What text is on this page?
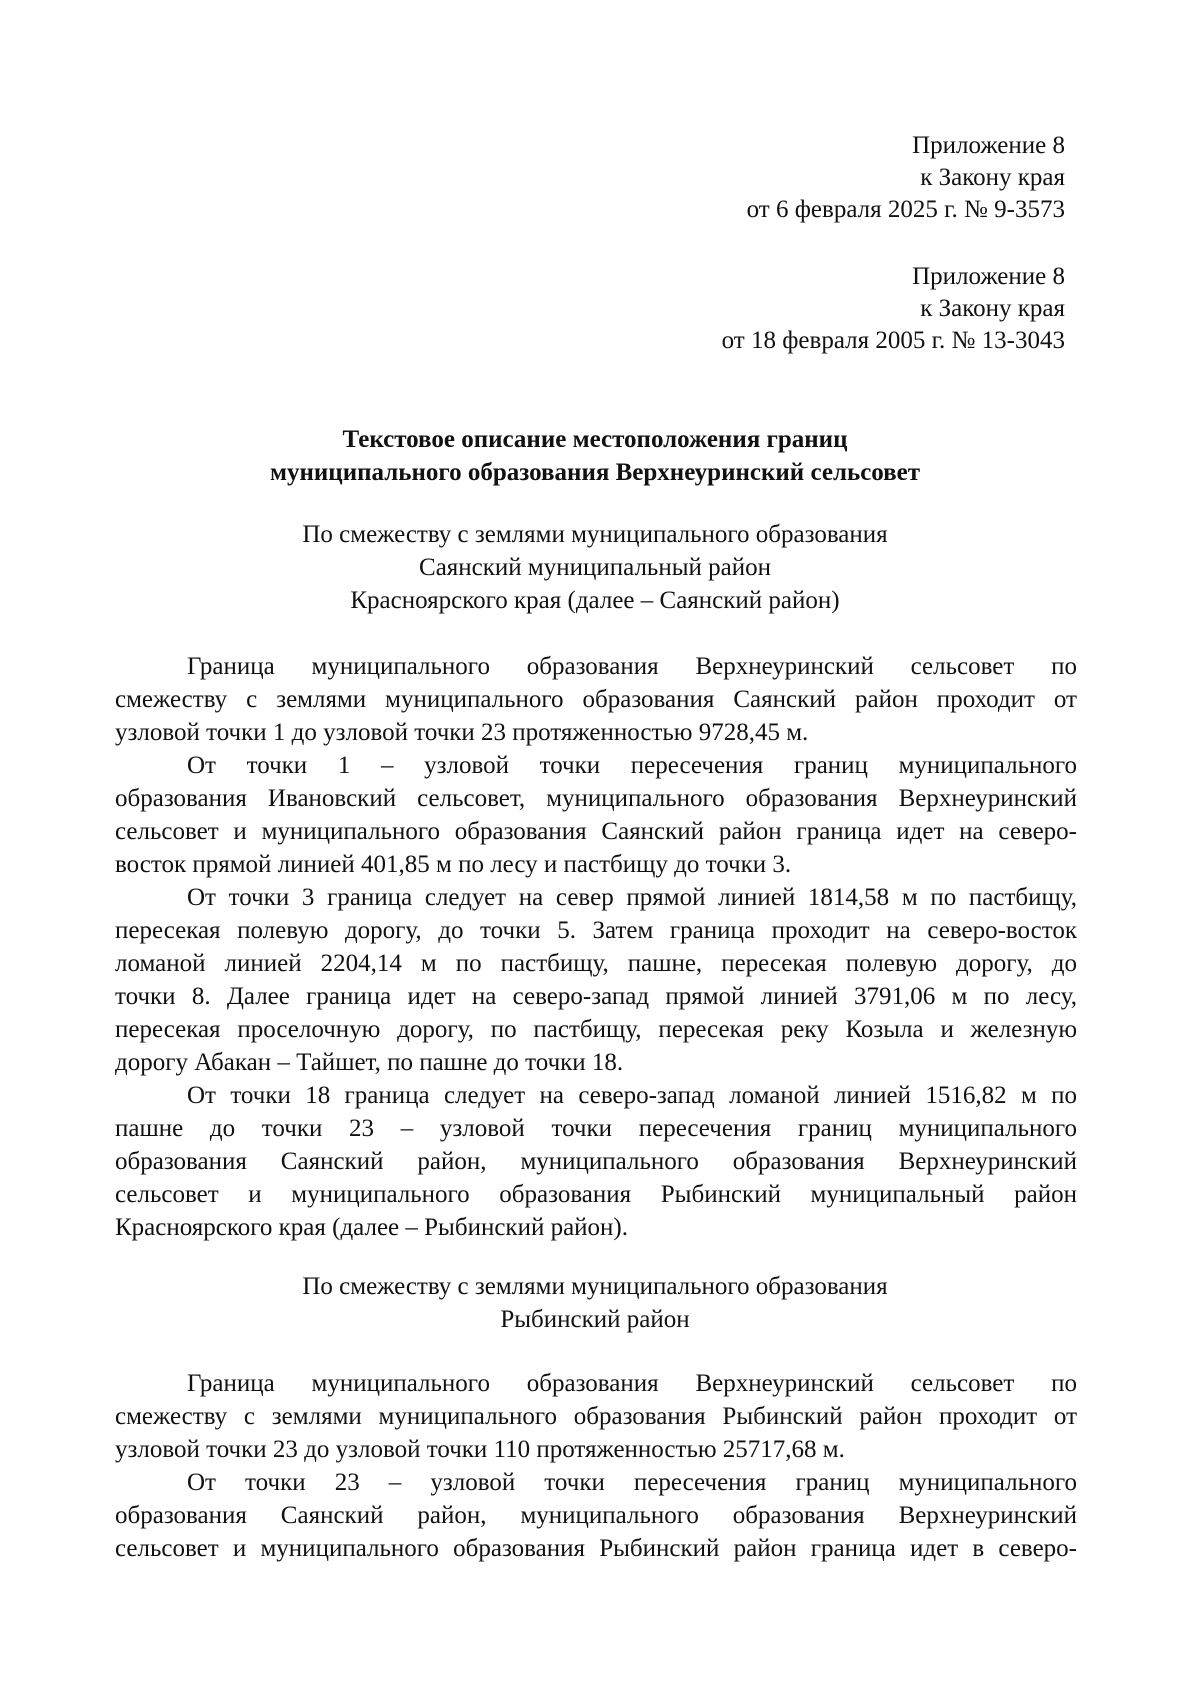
Приложение 8
к Закону края
от 6 февраля 2025 г. № 9-3573
Приложение 8
к Закону края
от 18 февраля 2005 г. № 13-3043
Текстовое описание местоположения границ
муниципального образования Верхнеуринский сельсовет
По смежеству с землями муниципального образования
Саянский муниципальный район
Красноярского края (далее – Саянский район)
Граница муниципального образования Верхнеуринский сельсовет по
смежеству с землями муниципального образования Саянский район проходит от
узловой точки 1 до узловой точки 23 протяженностью 9728,45 м.
От точки 1 – узловой точки пересечения границ муниципального
образования Ивановский сельсовет, муниципального образования Верхнеуринский
сельсовет и муниципального образования Саянский район граница идет на северо-
восток прямой линией 401,85 м по лесу и пастбищу до точки 3.
От точки 3 граница следует на север прямой линией 1814,58 м по пастбищу,
пересекая полевую дорогу, до точки 5. Затем граница проходит на северо-восток
ломаной линией 2204,14 м по пастбищу, пашне, пересекая полевую дорогу, до
точки 8. Далее граница идет на северо-запад прямой линией 3791,06 м по лесу,
пересекая проселочную дорогу, по пастбищу, пересекая реку Козыла и железную
дорогу Абакан – Тайшет, по пашне до точки 18.
От точки 18 граница следует на северо-запад ломаной линией 1516,82 м по
пашне до точки 23 – узловой точки пересечения границ муниципального
образования Саянский район, муниципального образования Верхнеуринский
сельсовет и муниципального образования Рыбинский муниципальный район
Красноярского края (далее – Рыбинский район).
По смежеству с землями муниципального образования
Рыбинский район
Граница муниципального образования Верхнеуринский сельсовет по
смежеству с землями муниципального образования Рыбинский район проходит от
узловой точки 23 до узловой точки 110 протяженностью 25717,68 м.
От точки 23 – узловой точки пересечения границ муниципального
образования Саянский район, муниципального образования Верхнеуринский
сельсовет и муниципального образования Рыбинский район граница идет в северо-
